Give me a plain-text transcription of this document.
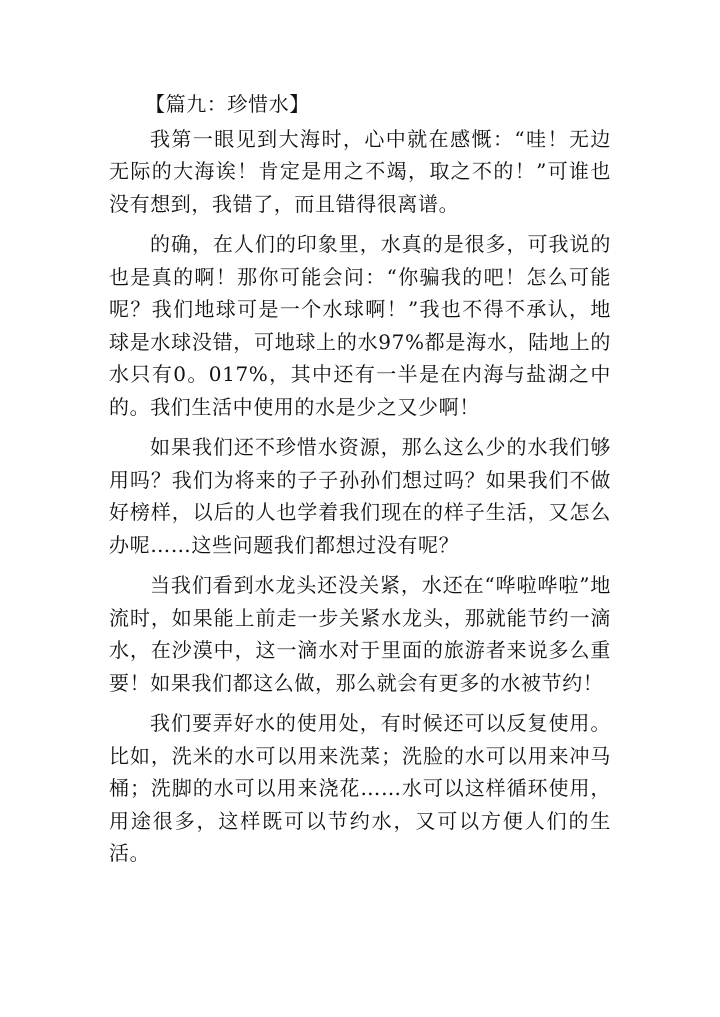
【篇九：珍惜水】

我第一眼见到大海时，心中就在感慨：“哇！无边无际的大海诶！肯定是用之不竭，取之不的！”可谁也没有想到，我错了，而且错得很离谱。

的确，在人们的印象里，水真的是很多，可我说的也是真的啊！那你可能会问：“你骗我的吧！怎么可能呢？我们地球可是一个水球啊！”我也不得不承认，地球是水球没错，可地球上的水97%都是海水，陆地上的水只有0。017%，其中还有一半是在内海与盐湖之中的。我们生活中使用的水是少之又少啊！

如果我们还不珍惜水资源，那么这么少的水我们够用吗？我们为将来的子子孙孙们想过吗？如果我们不做好榜样，以后的人也学着我们现在的样子生活，又怎么办呢……这些问题我们都想过没有呢？

当我们看到水龙头还没关紧，水还在“哗啦哗啦”地流时，如果能上前走一步关紧水龙头，那就能节约一滴水，在沙漠中，这一滴水对于里面的旅游者来说多么重要！如果我们都这么做，那么就会有更多的水被节约！

我们要弄好水的使用处，有时候还可以反复使用。比如，洗米的水可以用来洗菜；洗脸的水可以用来冲马桶；洗脚的水可以用来浇花……水可以这样循环使用，用途很多，这样既可以节约水，又可以方便人们的生活。
